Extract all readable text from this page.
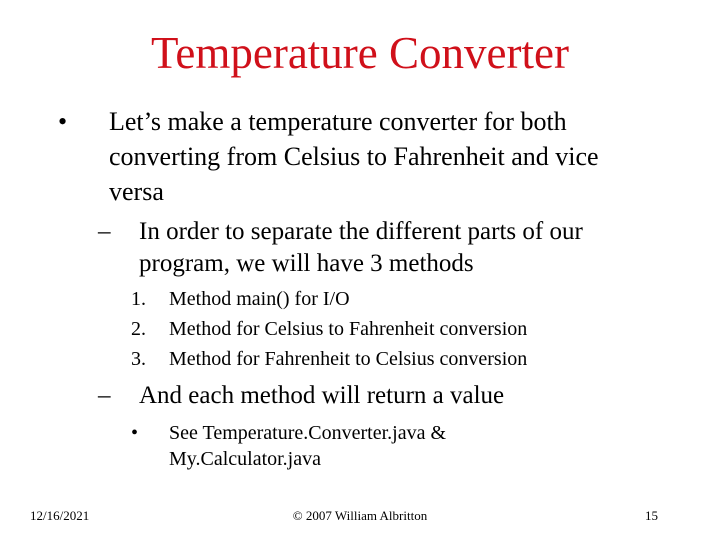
Temperature Converter
• Let’s make a temperature converter for both converting from Celsius to Fahrenheit and vice versa
– In order to separate the different parts of our program, we will have 3 methods
1. Method main() for I/O
2. Method for Celsius to Fahrenheit conversion
3. Method for Fahrenheit to Celsius conversion
– And each method will return a value
• See Temperature.Converter.java & My.Calculator.java
12/16/2021	© 2007 William Albritton	15
